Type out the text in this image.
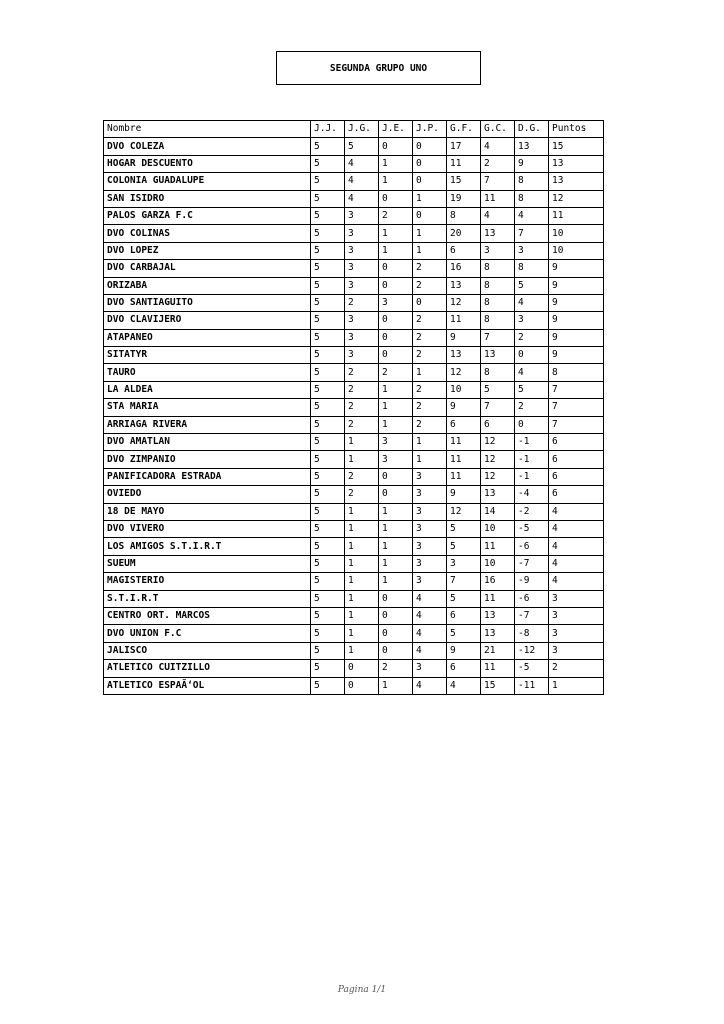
SEGUNDA GRUPO UNO
Nombre	J.J.	J.G.	J.E.	J.P.	G.F.	G.C.	D.G.	Puntos
DVO COLEZA	5	5	0	0	17	4	13	15
HOGAR DESCUENTO	5	4	1	0	11	2	9	13
COLONIA GUADALUPE	5	4	1	0	15	7	8	13
SAN ISIDRO	5	4	0	1	19	11	8	12
PALOS GARZA F.C	5	3	2	0	8	4	4	11
DVO COLINAS	5	3	1	1	20	13	7	10
DVO LOPEZ	5	3	1	1	6	3	3	10
DVO CARBAJAL	5	3	0	2	16	8	8	9
ORIZABA	5	3	0	2	13	8	5	9
DVO SANTIAGUITO	5	2	3	0	12	8	4	9
DVO CLAVIJERO	5	3	0	2	11	8	3	9
ATAPANEO	5	3	0	2	9	7	2	9
SITATYR	5	3	0	2	13	13	0	9
TAURO	5	2	2	1	12	8	4	8
LA ALDEA	5	2	1	2	10	5	5	7
STA MARIA	5	2	1	2	9	7	2	7
ARRIAGA RIVERA	5	2	1	2	6	6	0	7
DVO AMATLAN	5	1	3	1	11	12	-1	6
DVO ZIMPANIO	5	1	3	1	11	12	-1	6
PANIFICADORA ESTRADA	5	2	0	3	11	12	-1	6
OVIEDO	5	2	0	3	9	13	-4	6
18 DE MAYO	5	1	1	3	12	14	-2	4
DVO VIVERO	5	1	1	3	5	10	-5	4
LOS AMIGOS S.T.I.R.T	5	1	1	3	5	11	-6	4
SUEUM	5	1	1	3	3	10	-7	4
MAGISTERIO	5	1	1	3	7	16	-9	4
S.T.I.R.T	5	1	0	4	5	11	-6	3
CENTRO ORT. MARCOS	5	1	0	4	6	13	-7	3
DVO UNION F.C	5	1	0	4	5	13	-8	3
JALISCO	5	1	0	4	9	21	-12	3
ATLETICO CUITZILLO	5	0	2	3	6	11	-5	2
ATLETICO ESPAÃ‘OL	5	0	1	4	4	15	-11	1
Pagina 1/1
